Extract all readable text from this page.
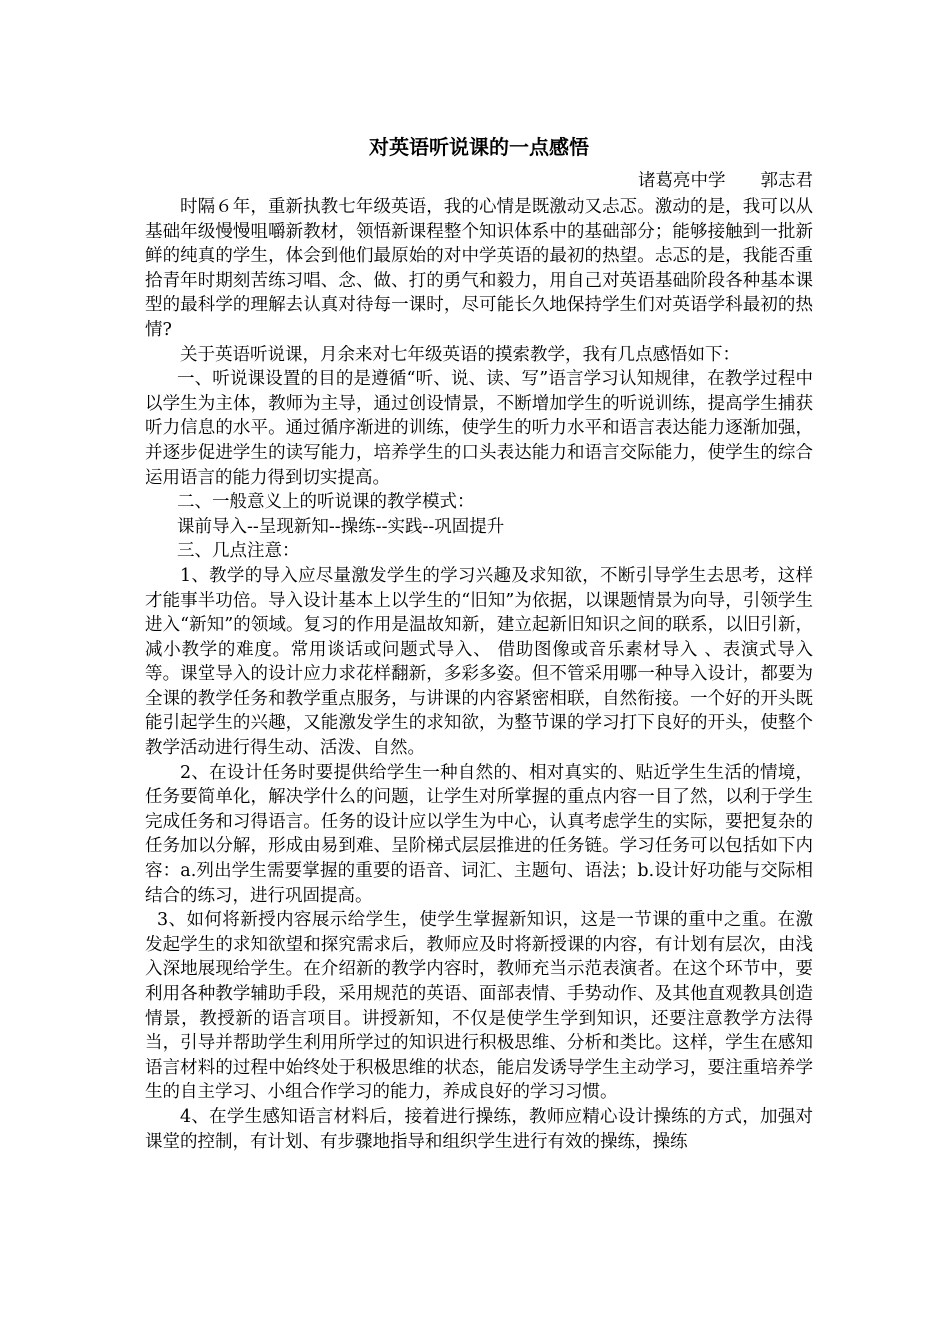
对英语听说课的一点感悟
诸葛亮中学　　郭志君

时隔６年，重新执教七年级英语，我的心情是既激动又忐忑。激动的是，我可以从基础年级慢慢咀嚼新教材，领悟新课程整个知识体系中的基础部分；能够接触到一批新鲜的纯真的学生，体会到他们最原始的对中学英语的最初的热望。忐忑的是，我能否重拾青年时期刻苦练习唱、念、做、打的勇气和毅力，用自己对英语基础阶段各种基本课型的最科学的理解去认真对待每一课时，尽可能长久地保持学生们对英语学科最初的热情?

关于英语听说课，月余来对七年级英语的摸索教学，我有几点感悟如下：

一、听说课设置的目的是遵循“听、说、读、写”语言学习认知规律，在教学过程中以学生为主体，教师为主导，通过创设情景，不断增加学生的听说训练，提高学生捕获听力信息的水平。通过循序渐进的训练，使学生的听力水平和语言表达能力逐渐加强，并逐步促进学生的读写能力，培养学生的口头表达能力和语言交际能力，使学生的综合运用语言的能力得到切实提高。

二、一般意义上的听说课的教学模式：

课前导入--呈现新知--操练--实践--巩固提升

三、几点注意：

1、教学的导入应尽量激发学生的学习兴趣及求知欲，不断引导学生去思考，这样才能事半功倍。导入设计基本上以学生的“旧知”为依据，以课题情景为向导，引领学生进入“新知”的领域。复习的作用是温故知新，建立起新旧知识之间的联系，以旧引新，减小教学的难度。常用谈话或问题式导入、 借助图像或音乐素材导入 、表演式导入等。课堂导入的设计应力求花样翻新，多彩多姿。但不管采用哪一种导入设计，都要为全课的教学任务和教学重点服务，与讲课的内容紧密相联，自然衔接。一个好的开头既能引起学生的兴趣，又能激发学生的求知欲，为整节课的学习打下良好的开头，使整个教学活动进行得生动、活泼、自然。

2、在设计任务时要提供给学生一种自然的、相对真实的、贴近学生生活的情境，任务要简单化，解决学什么的问题，让学生对所掌握的重点内容一目了然，以利于学生完成任务和习得语言。任务的设计应以学生为中心，认真考虑学生的实际，要把复杂的任务加以分解，形成由易到难、呈阶梯式层层推进的任务链。学习任务可以包括如下内容：a.列出学生需要掌握的重要的语音、词汇、主题句、语法；b.设计好功能与交际相结合的练习，进行巩固提高。

3、如何将新授内容展示给学生，使学生掌握新知识，这是一节课的重中之重。在激发起学生的求知欲望和探究需求后，教师应及时将新授课的内容，有计划有层次，由浅入深地展现给学生。在介绍新的教学内容时，教师充当示范表演者。在这个环节中，要利用各种教学辅助手段，采用规范的英语、面部表情、手势动作、及其他直观教具创造情景，教授新的语言项目。讲授新知，不仅是使学生学到知识，还要注意教学方法得当，引导并帮助学生利用所学过的知识进行积极思维、分析和类比。这样，学生在感知语言材料的过程中始终处于积极思维的状态，能启发诱导学生主动学习，要注重培养学生的自主学习、小组合作学习的能力，养成良好的学习习惯。

4、在学生感知语言材料后，接着进行操练，教师应精心设计操练的方式，加强对课堂的控制，有计划、有步骤地指导和组织学生进行有效的操练，操练
